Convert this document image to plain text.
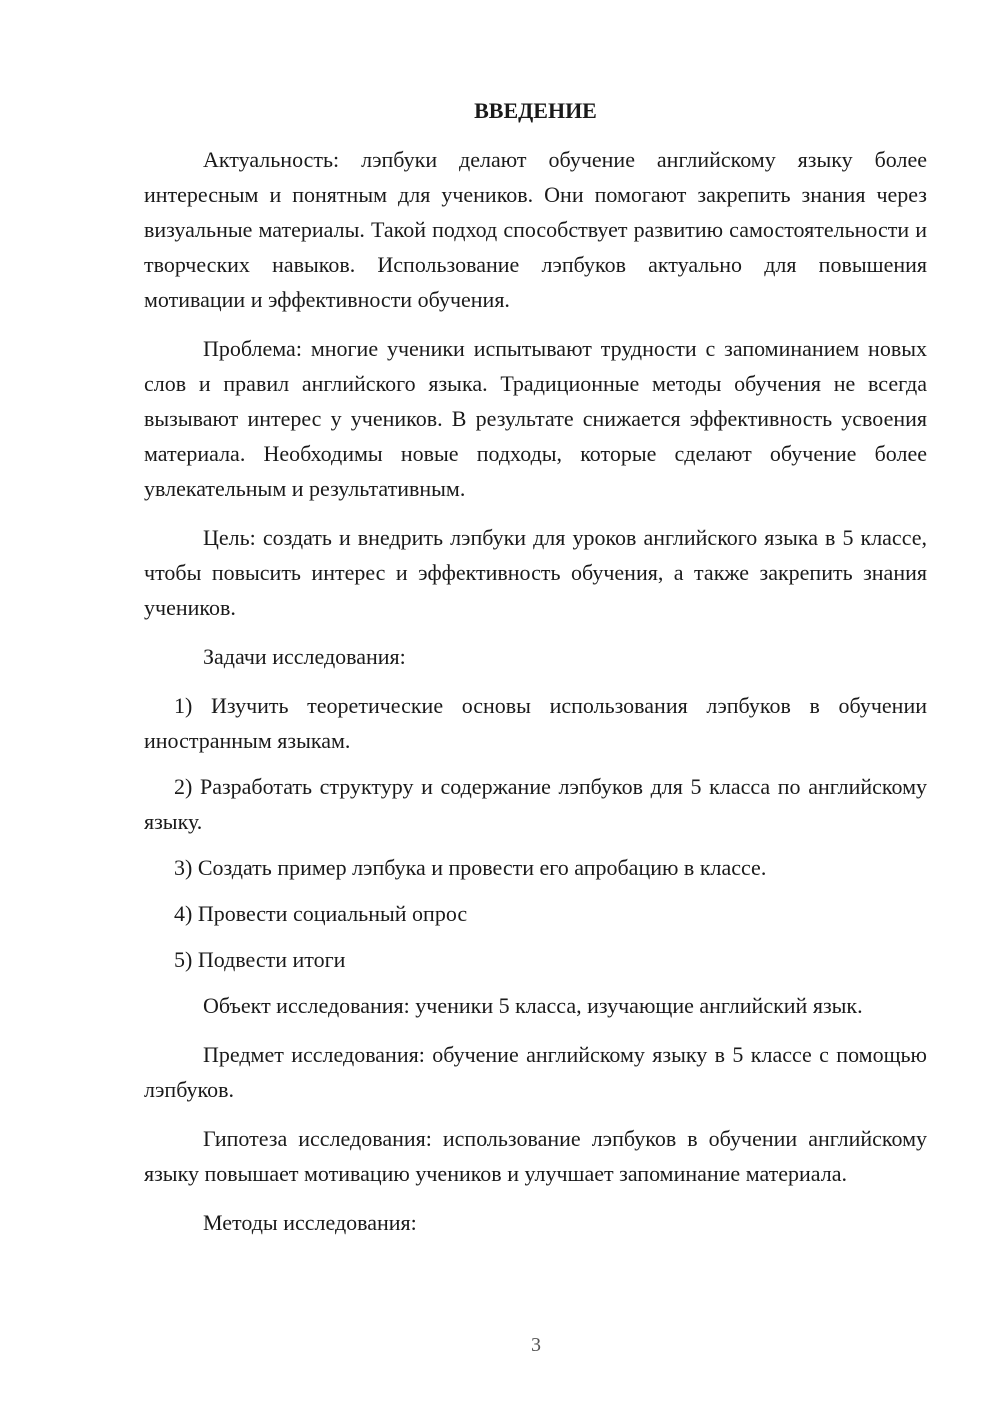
ВВЕДЕНИЕ

Актуальность: лэпбуки делают обучение английскому языку более интересным и понятным для учеников. Они помогают закрепить знания через визуальные материалы. Такой подход способствует развитию самостоятельности и творческих навыков. Использование лэпбуков актуально для повышения мотивации и эффективности обучения.

Проблема: многие ученики испытывают трудности с запоминанием новых слов и правил английского языка. Традиционные методы обучения не всегда вызывают интерес у учеников. В результате снижается эффективность усвоения материала. Необходимы новые подходы, которые сделают обучение более увлекательным и результативным.

Цель: создать и внедрить лэпбуки для уроков английского языка в 5 классе, чтобы повысить интерес и эффективность обучения, а также закрепить знания учеников.

Задачи исследования:

1) Изучить теоретические основы использования лэпбуков в обучении иностранным языкам.

2) Разработать структуру и содержание лэпбуков для 5 класса по английскому языку.

3) Создать пример лэпбука и провести его апробацию в классе.

4) Провести социальный опрос

5) Подвести итоги

Объект исследования: ученики 5 класса, изучающие английский язык.

Предмет исследования: обучение английскому языку в 5 классе с помощью лэпбуков.

Гипотеза исследования: использование лэпбуков в обучении английскому языку повышает мотивацию учеников и улучшает запоминание материала.

Методы исследования:

3
